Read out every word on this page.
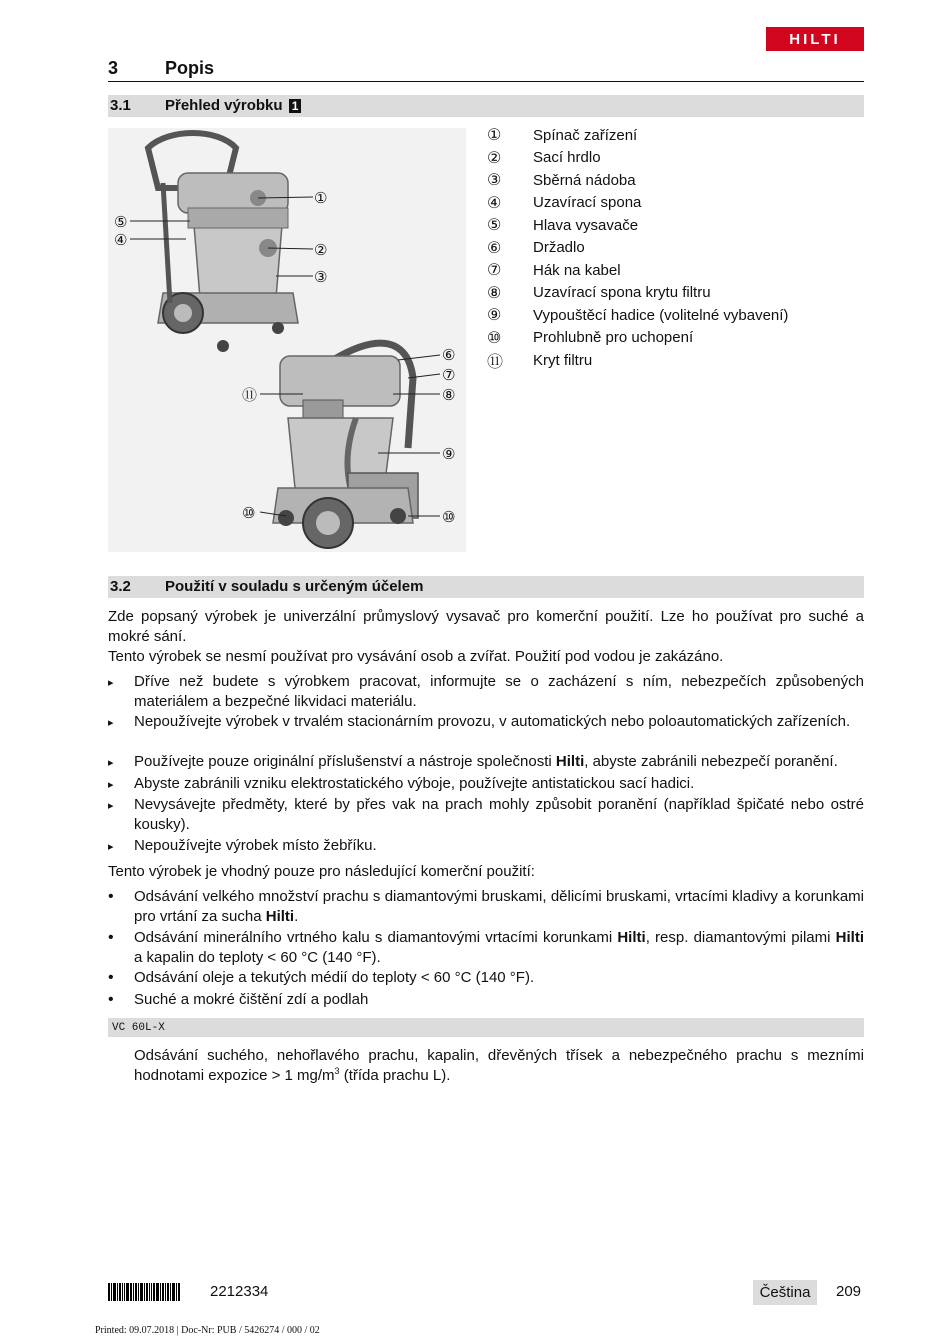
HILTI
3	Popis
3.1 Přehled výrobku 1
①
②
③
④
⑤
⑥
⑦
⑧
⑪
⑨
⑩	⑩
①	Spínač zařízení
②	Sací hrdlo
③	Sběrná nádoba
④	Uzavírací spona
⑤	Hlava vysavače
⑥	Držadlo
⑦	Hák na kabel
⑧	Uzavírací spona krytu filtru
⑨	Vypouštěcí hadice (volitelné vybavení)
⑩	Prohlubně pro uchopení
⑪ Kryt filtru
3.2 Použití v souladu s určeným účelem
Zde popsaný výrobek je univerzální průmyslový vysavač pro komerční použití. Lze ho používat pro suché a mokré sání.
Tento výrobek se nesmí používat pro vysávání osob a zvířat. Použití pod vodou je zakázáno.
▸	Dříve než budete s výrobkem pracovat, informujte se o zacházení s ním, nebezpečích způsobených materiálem a bezpečné likvidaci materiálu.
▸	Nepoužívejte výrobek v trvalém stacionárním provozu, v automatických nebo poloautomatických zařízeních.
▸	Používejte pouze originální příslušenství a nástroje společnosti Hilti, abyste zabránili nebezpečí poranění.
▸	Abyste zabránili vzniku elektrostatického výboje, používejte antistatickou sací hadici.
▸	Nevysávejte předměty, které by přes vak na prach mohly způsobit poranění (například špičaté nebo ostré kousky).
▸	Nepoužívejte výrobek místo žebříku.
Tento výrobek je vhodný pouze pro následující komerční použití:
•	Odsávání velkého množství prachu s diamantovými bruskami, dělicími bruskami, vrtacími kladivy a korunkami pro vrtání za sucha Hilti.
•	Odsávání minerálního vrtného kalu s diamantovými vrtacími korunkami Hilti, resp. diamantovými pilami Hilti a kapalin do teploty < 60 °C (140 °F).
•	Odsávání oleje a tekutých médií do teploty < 60 °C (140 °F).
•	Suché a mokré čištění zdí a podlah
VC 60L-X
Odsávání suchého, nehořlavého prachu, kapalin, dřevěných třísek a nebezpečného prachu s mezními hodnotami expozice > 1 $mg/m^3$ (třída prachu L).
2212334	Čeština	209
Printed: 09.07.2018 | Doc-Nr: PUB / 5426274 / 000 / 02
